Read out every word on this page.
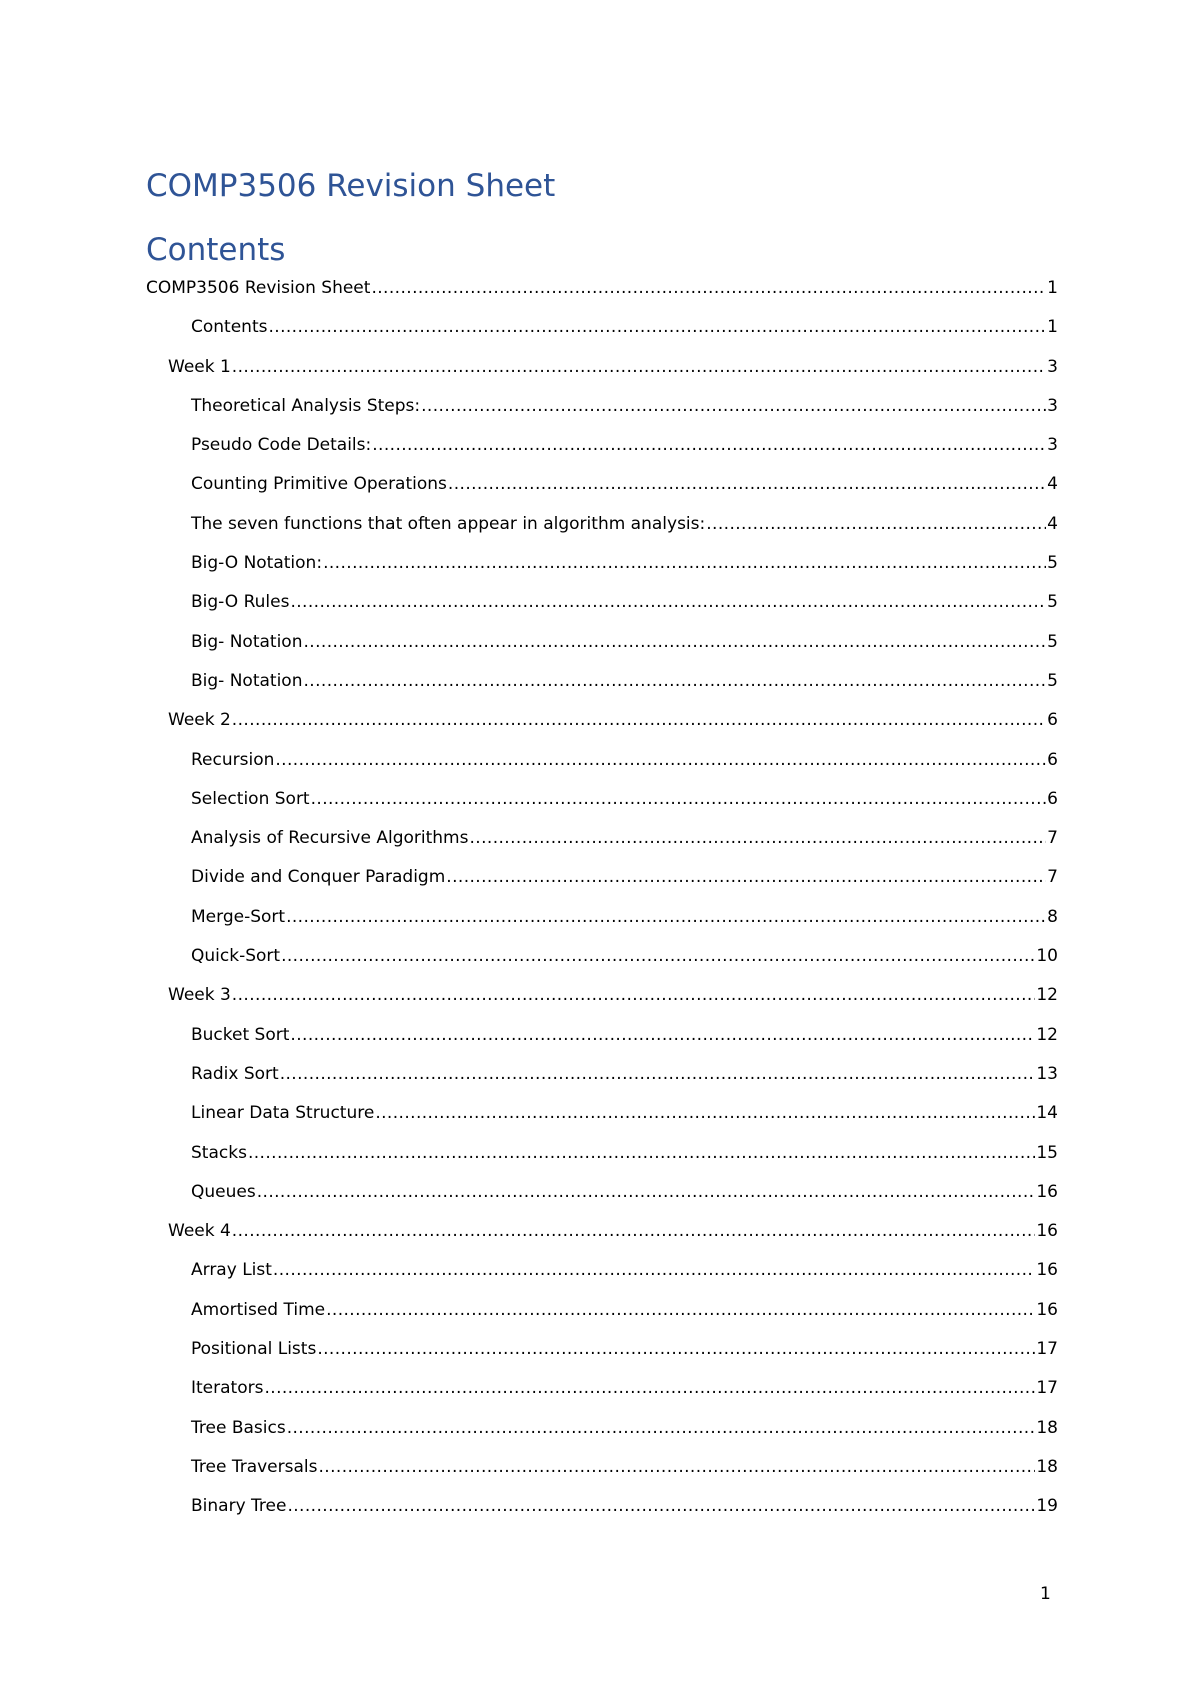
COMP3506 Revision Sheet
Contents
COMP3506 Revision Sheet .....	1
Contents .....	1
Week 1 .....	3
Theoretical Analysis Steps: .....	3
Pseudo Code Details: .....	3
Counting Primitive Operations .....	4
The seven functions that often appear in algorithm analysis: .....	4
Big-O Notation: .....	5
Big-O Rules .....	5
Big- Notation .....	5
Big- Notation .....	5
Week 2 .....	6
Recursion .....	6
Selection Sort .....	6
Analysis of Recursive Algorithms .....	7
Divide and Conquer Paradigm .....	7
Merge-Sort .....	8
Quick-Sort .....	10
Week 3 .....	12
Bucket Sort .....	12
Radix Sort .....	13
Linear Data Structure .....	14
Stacks .....	15
Queues .....	16
Week 4 .....	16
Array List .....	16
Amortised Time .....	16
Positional Lists .....	17
Iterators .....	17
Tree Basics .....	18
Tree Traversals .....	18
Binary Tree .....	19
1
